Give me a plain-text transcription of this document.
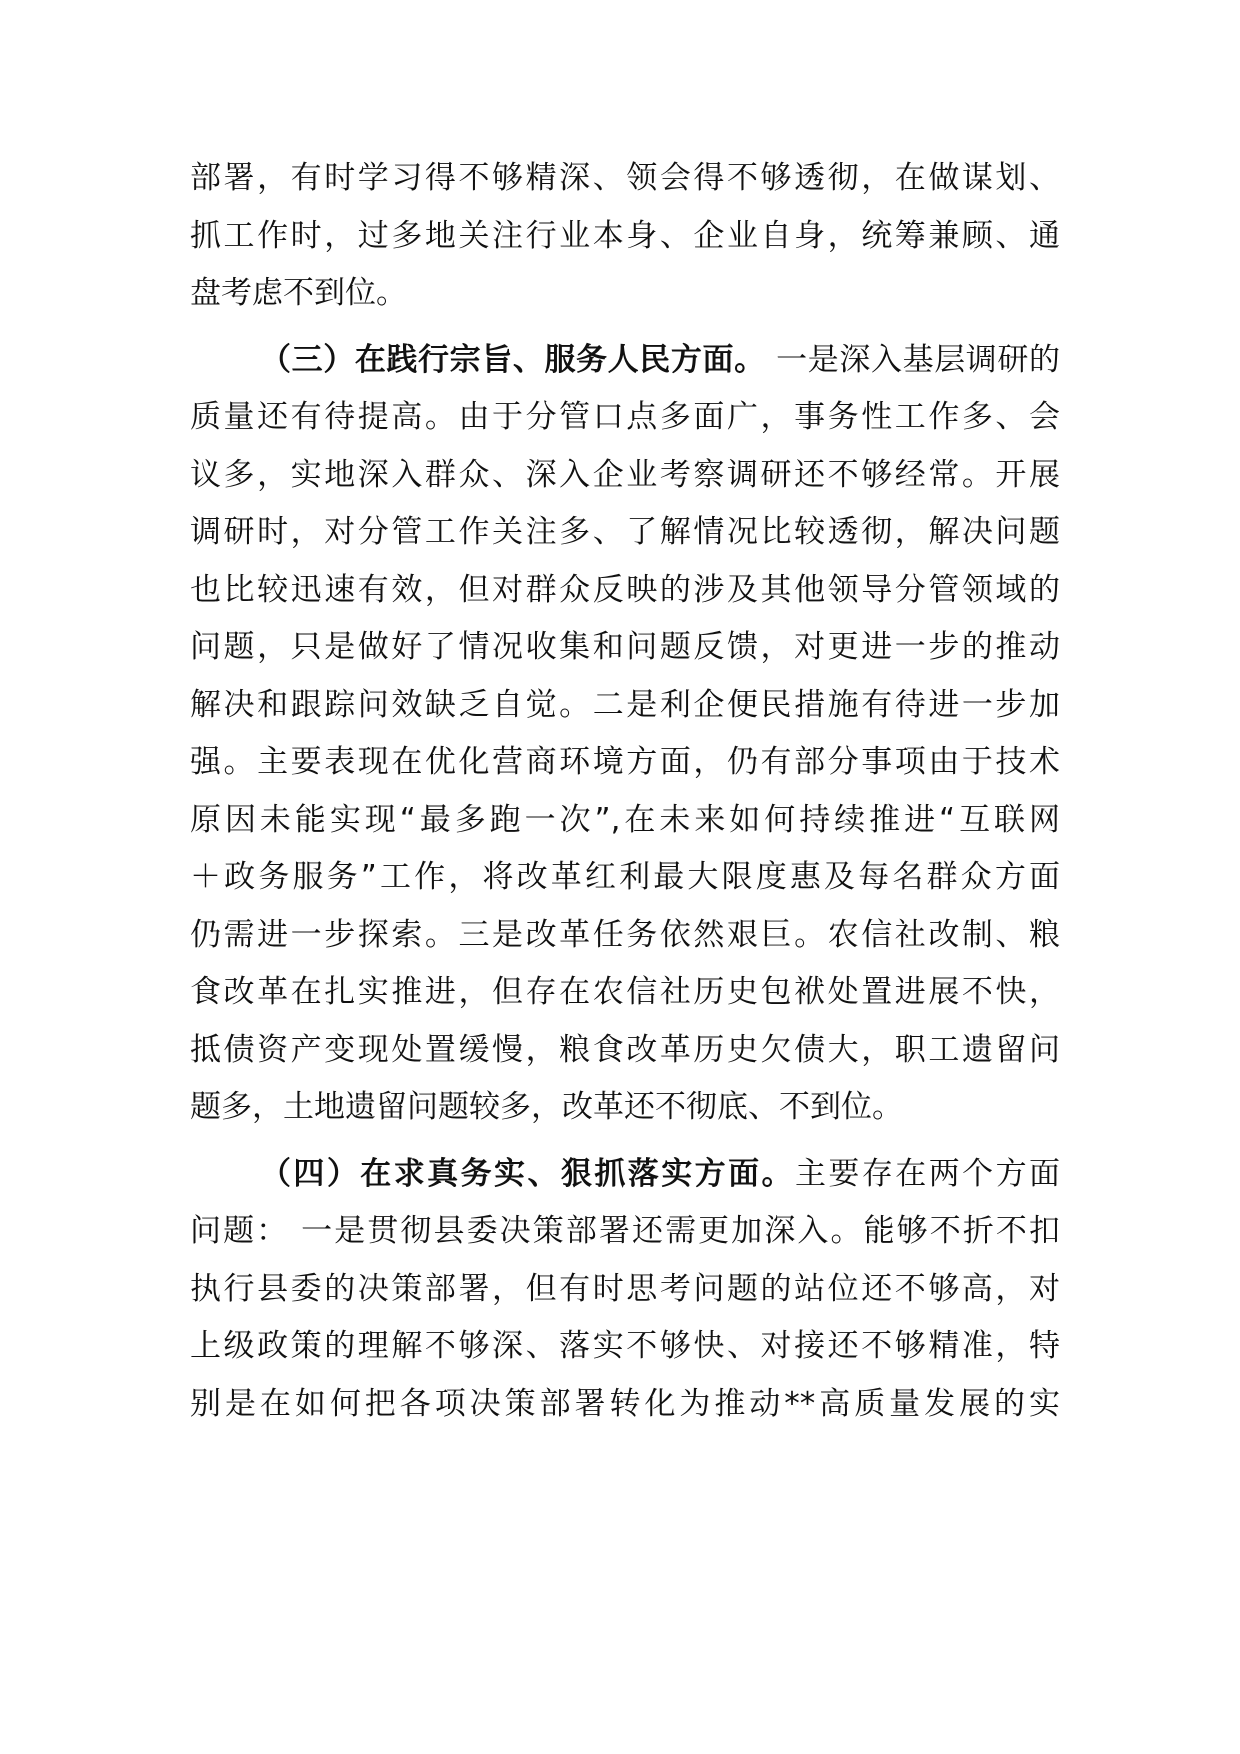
部署，有时学习得不够精深、领会得不够透彻，在做谋划、
抓工作时，过多地关注行业本身、企业自身，统筹兼顾、通
盘考虑不到位。
（三）在践行宗旨、服务人民方面。 一是深入基层调研的
质量还有待提高。由于分管口点多面广，事务性工作多、会
议多，实地深入群众、深入企业考察调研还不够经常。开展
调研时，对分管工作关注多、了解情况比较透彻，解决问题
也比较迅速有效，但对群众反映的涉及其他领导分管领域的
问题，只是做好了情况收集和问题反馈，对更进一步的推动
解决和跟踪问效缺乏自觉。二是利企便民措施有待进一步加
强。主要表现在优化营商环境方面，仍有部分事项由于技术
原因未能实现“最多跑一次”,在未来如何持续推进“互联网
＋政务服务”工作，将改革红利最大限度惠及每名群众方面
仍需进一步探索。三是改革任务依然艰巨。农信社改制、粮
食改革在扎实推进，但存在农信社历史包袱处置进展不快，
抵债资产变现处置缓慢，粮食改革历史欠债大，职工遗留问
题多，土地遗留问题较多，改革还不彻底、不到位。
（四）在求真务实、狠抓落实方面。主要存在两个方面
问题： 一是贯彻县委决策部署还需更加深入。能够不折不扣
执行县委的决策部署，但有时思考问题的站位还不够高，对
上级政策的理解不够深、落实不够快、对接还不够精准，特
别是在如何把各项决策部署转化为推动**高质量发展的实
